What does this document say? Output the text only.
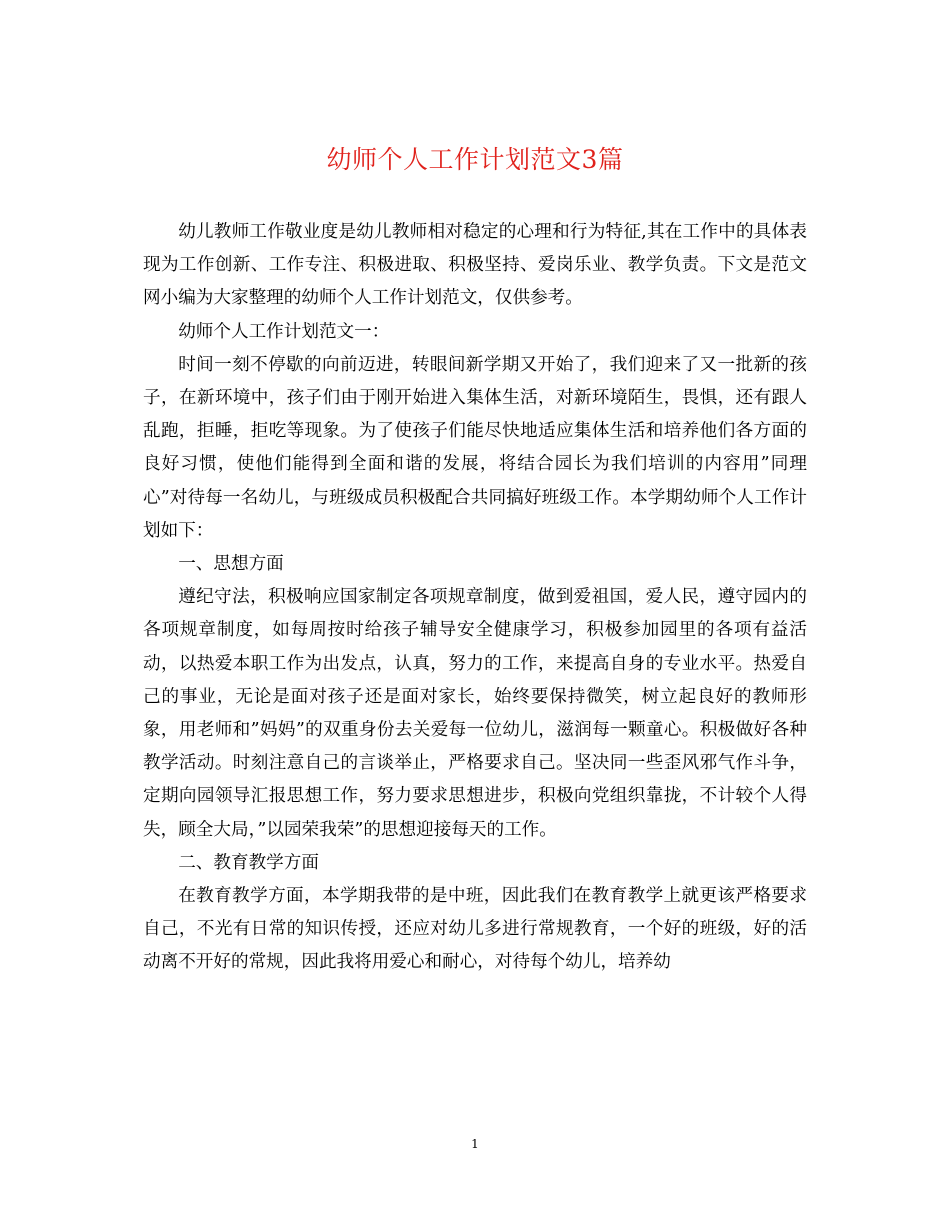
幼师个人工作计划范文3篇

幼儿教师工作敬业度是幼儿教师相对稳定的心理和行为特征,其在工作中的具体表现为工作创新、工作专注、积极进取、积极坚持、爱岗乐业、教学负责。下文是范文网小编为大家整理的幼师个人工作计划范文，仅供参考。

幼师个人工作计划范文一：

时间一刻不停歇的向前迈进，转眼间新学期又开始了，我们迎来了又一批新的孩子，在新环境中，孩子们由于刚开始进入集体生活，对新环境陌生，畏惧，还有跟人乱跑，拒睡，拒吃等现象。为了使孩子们能尽快地适应集体生活和培养他们各方面的良好习惯，使他们能得到全面和谐的发展，将结合园长为我们培训的内容用”同理心”对待每一名幼儿，与班级成员积极配合共同搞好班级工作。本学期幼师个人工作计划如下：

一、思想方面

遵纪守法，积极响应国家制定各项规章制度，做到爱祖国，爱人民，遵守园内的各项规章制度，如每周按时给孩子辅导安全健康学习，积极参加园里的各项有益活动，以热爱本职工作为出发点，认真，努力的工作，来提高自身的专业水平。热爱自己的事业，无论是面对孩子还是面对家长，始终要保持微笑，树立起良好的教师形象，用老师和”妈妈”的双重身份去关爱每一位幼儿，滋润每一颗童心。积极做好各种教学活动。时刻注意自己的言谈举止，严格要求自己。坚决同一些歪风邪气作斗争，定期向园领导汇报思想工作，努力要求思想进步，积极向党组织靠拢，不计较个人得失，顾全大局，”以园荣我荣”的思想迎接每天的工作。

二、教育教学方面

在教育教学方面，本学期我带的是中班，因此我们在教育教学上就更该严格要求自己，不光有日常的知识传授，还应对幼儿多进行常规教育，一个好的班级，好的活动离不开好的常规，因此我将用爱心和耐心，对待每个幼儿，培养幼

1
